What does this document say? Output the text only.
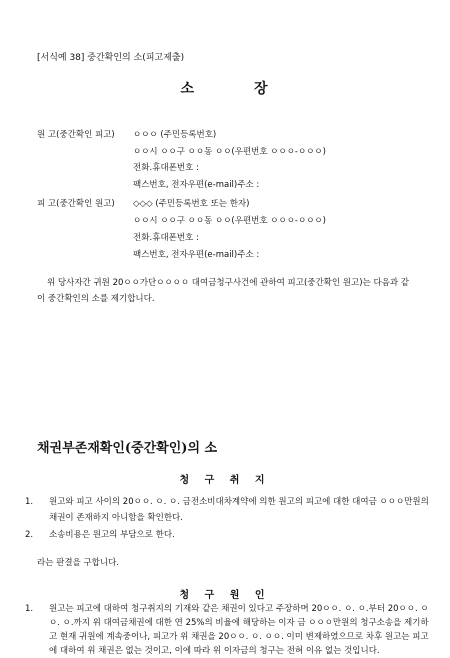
[서식예 38] 중간확인의 소(피고제출)
소	장
원 고(중간확인 피고) ㅇㅇㅇ (주민등록번호)
ㅇㅇ시 ㅇㅇ구 ㅇㅇ동 ㅇㅇ(우편번호 ㅇㅇㅇ-ㅇㅇㅇ)
전화․휴대폰번호 :
팩스번호, 전자우편(e-mail)주소 :
피 고(중간확인 원고) ◇◇◇ (주민등록번호 또는 한자)
ㅇㅇ시 ㅇㅇ구 ㅇㅇ동 ㅇㅇ(우편번호 ㅇㅇㅇ-ㅇㅇㅇ)
전화․휴대폰번호 :
팩스번호, 전자우편(e-mail)주소 :
위 당사자간 귀원 20ㅇㅇ가단ㅇㅇㅇㅇ 대여금청구사건에 관하여 피고(중간확인 원고)는 다음과 같이 중간확인의 소를 제기합니다.
채권부존재확인(중간확인)의 소
청 구 취 지
1. 원고와 피고 사이의 20ㅇㅇ. ㅇ. ㅇ. 금전소비대차계약에 의한 원고의 피고에 대한 대여금 ㅇㅇㅇ만원의 채권이 존재하지 아니함을 확인한다.
2. 소송비용은 원고의 부담으로 한다.
라는 판결을 구합니다.
청 구 원 인
1. 원고는 피고에 대하여 청구취지의 기재와 같은 채권이 있다고 주장하며 20ㅇㅇ. ㅇ. ㅇ.부터 20ㅇㅇ. ㅇㅇ. ㅇ.까지 위 대여금채권에 대한 연 25%의 비율에 해당하는 이자 금 ㅇㅇㅇ만원의 청구소송을 제기하고 현재 귀원에 계속중이나, 피고가 위 채권을 20ㅇㅇ. ㅇ. ㅇㅇ. 이미 변제하였으므로 차후 원고는 피고에 대하여 위 채권은 없는 것이고, 이에 따라 위 이자금의 청구는 전혀 이유 없는 것입니다.
